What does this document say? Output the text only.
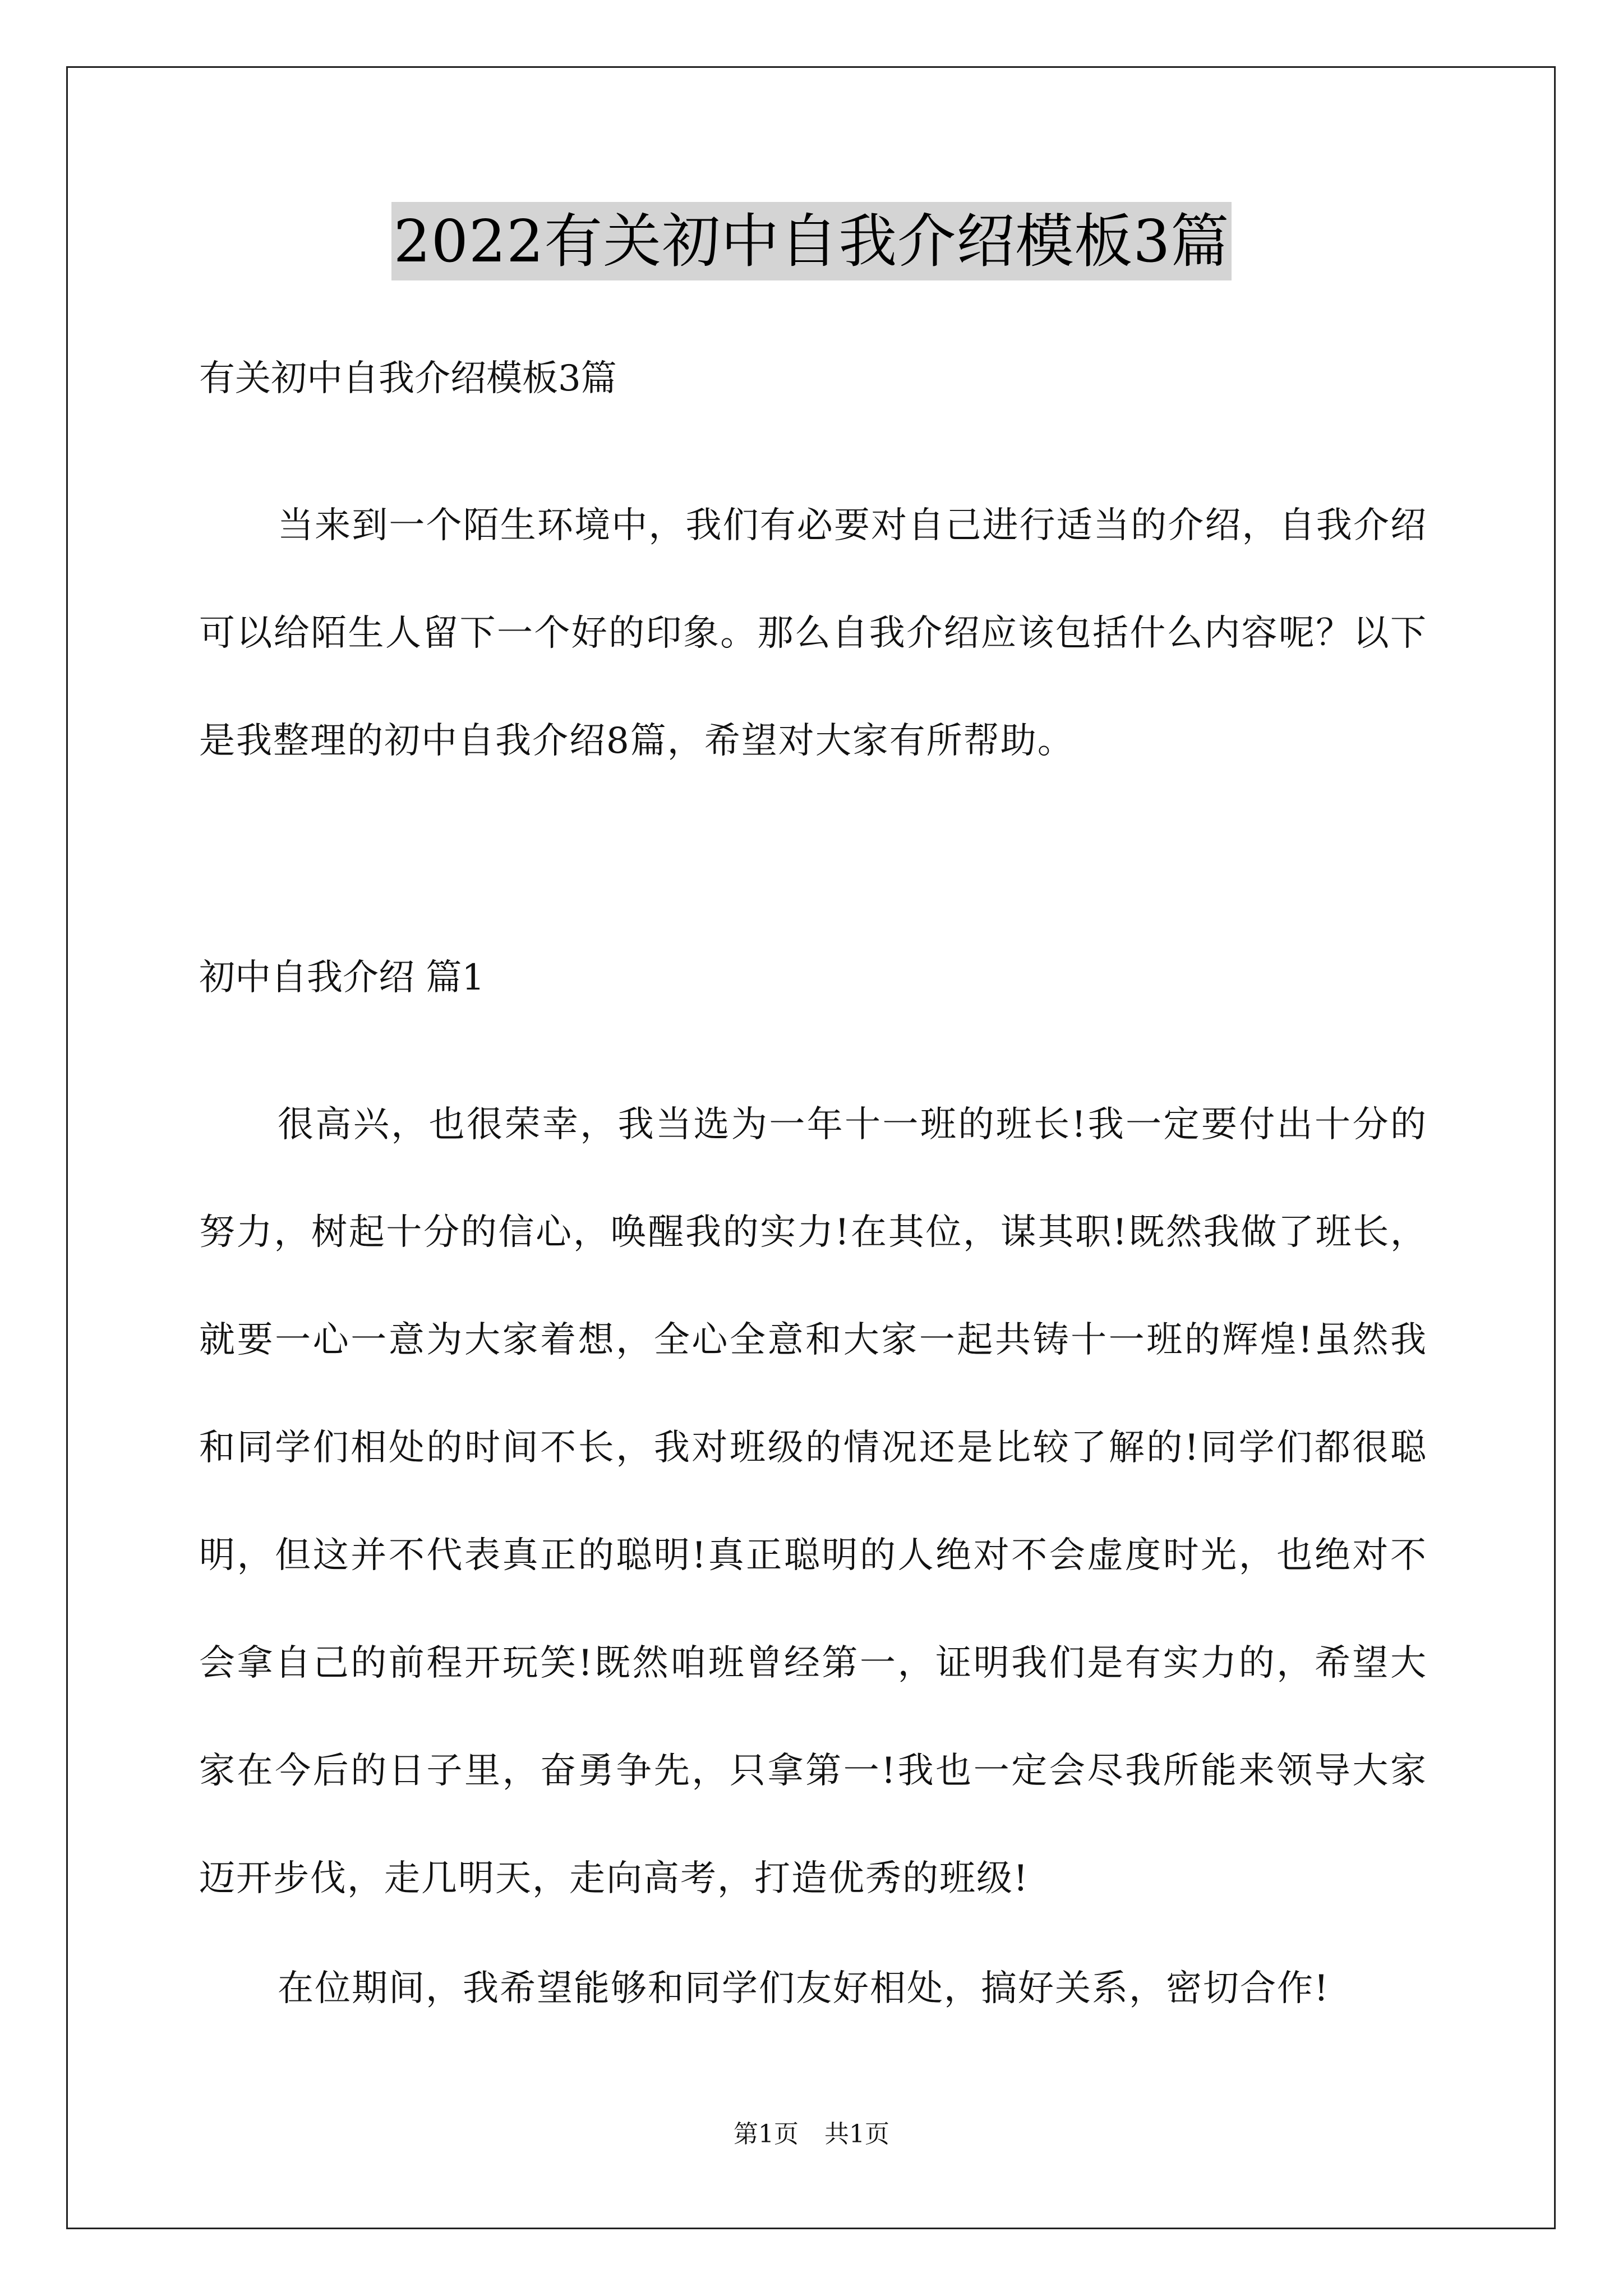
2022有关初中自我介绍模板3篇

有关初中自我介绍模板3篇

当来到一个陌生环境中，我们有必要对自己进行适当的介绍，自我介绍可以给陌生人留下一个好的印象。那么自我介绍应该包括什么内容呢？以下是我整理的初中自我介绍8篇，希望对大家有所帮助。

初中自我介绍 篇1

很高兴，也很荣幸，我当选为一年十一班的班长!我一定要付出十分的努力，树起十分的信心，唤醒我的实力!在其位，谋其职!既然我做了班长，就要一心一意为大家着想，全心全意和大家一起共铸十一班的辉煌!虽然我和同学们相处的时间不长，我对班级的情况还是比较了解的!同学们都很聪明，但这并不代表真正的聪明!真正聪明的人绝对不会虚度时光，也绝对不会拿自己的前程开玩笑!既然咱班曾经第一，证明我们是有实力的，希望大家在今后的日子里，奋勇争先，只拿第一!我也一定会尽我所能来领导大家迈开步伐，走几明天，走向高考，打造优秀的班级!

在位期间，我希望能够和同学们友好相处，搞好关系，密切合作!

第1页 共1页
